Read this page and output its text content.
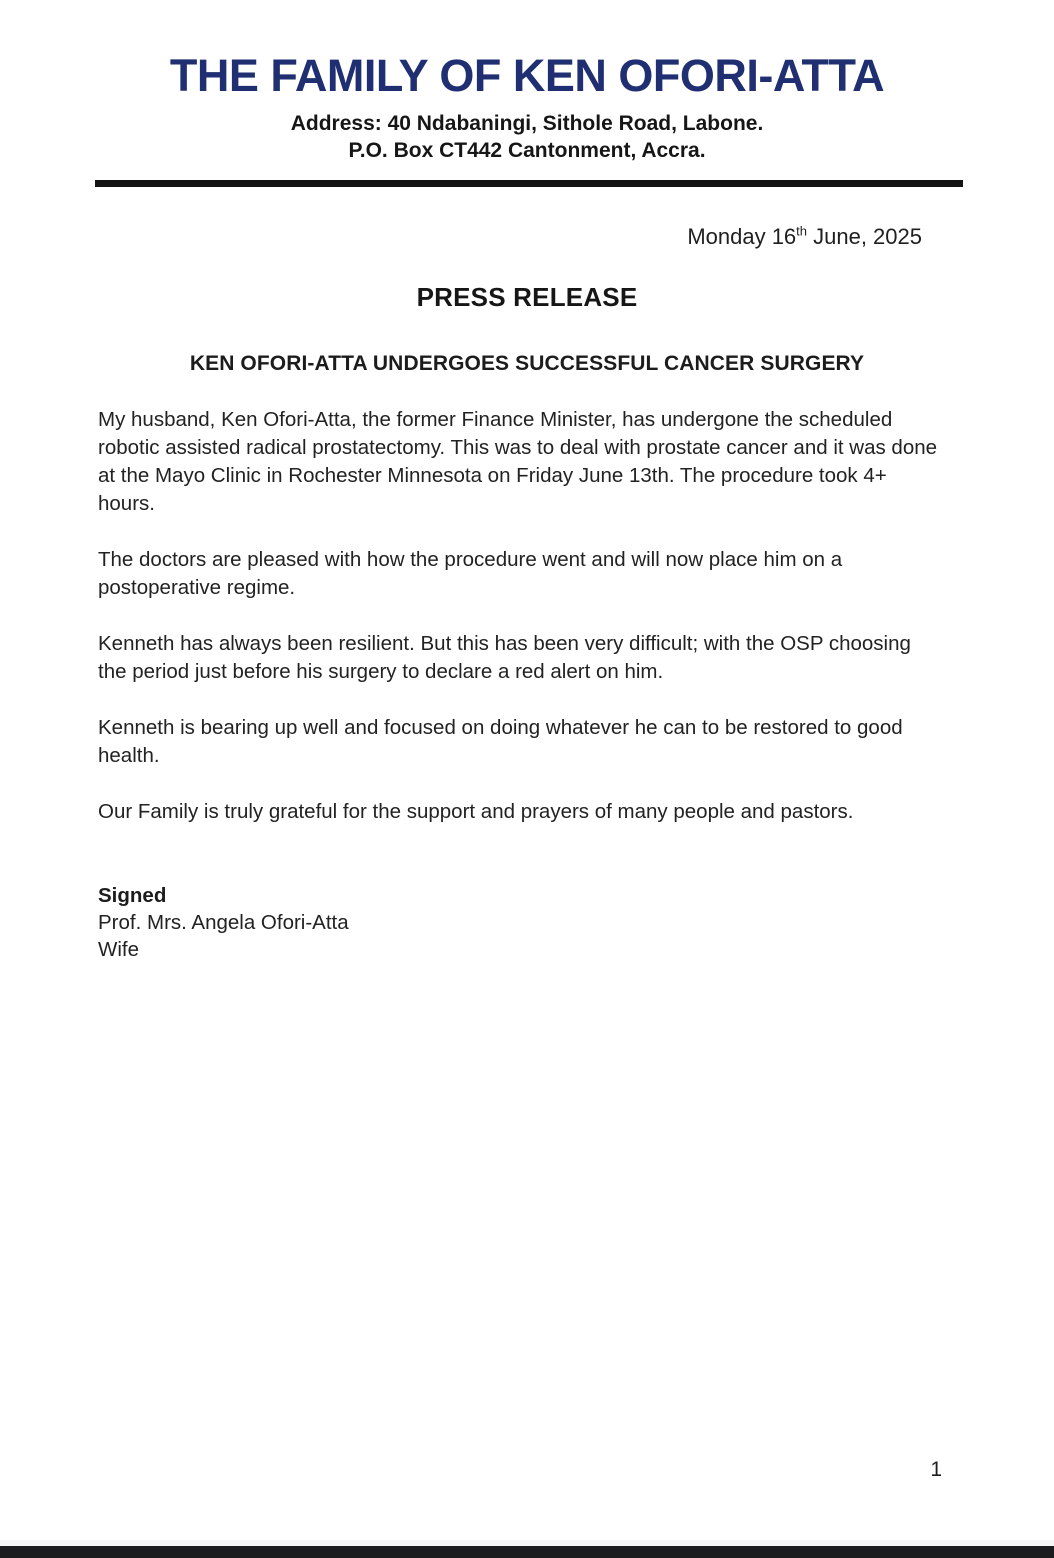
THE FAMILY OF KEN OFORI-ATTA
Address: 40 Ndabaningi, Sithole Road, Labone.
P.O. Box CT442 Cantonment, Accra.
Monday 16th June, 2025
PRESS RELEASE
KEN OFORI-ATTA UNDERGOES SUCCESSFUL CANCER SURGERY

My husband, Ken Ofori-Atta, the former Finance Minister, has undergone the scheduled robotic assisted radical prostatectomy. This was to deal with prostate cancer and it was done at the Mayo Clinic in Rochester Minnesota on Friday June 13th. The procedure took 4+ hours.

The doctors are pleased with how the procedure went and will now place him on a postoperative regime.

Kenneth has always been resilient. But this has been very difficult; with the OSP choosing the period just before his surgery to declare a red alert on him.

Kenneth is bearing up well and focused on doing whatever he can to be restored to good health.

Our Family is truly grateful for the support and prayers of many people and pastors.

Signed
Prof. Mrs. Angela Ofori-Atta
Wife
1
